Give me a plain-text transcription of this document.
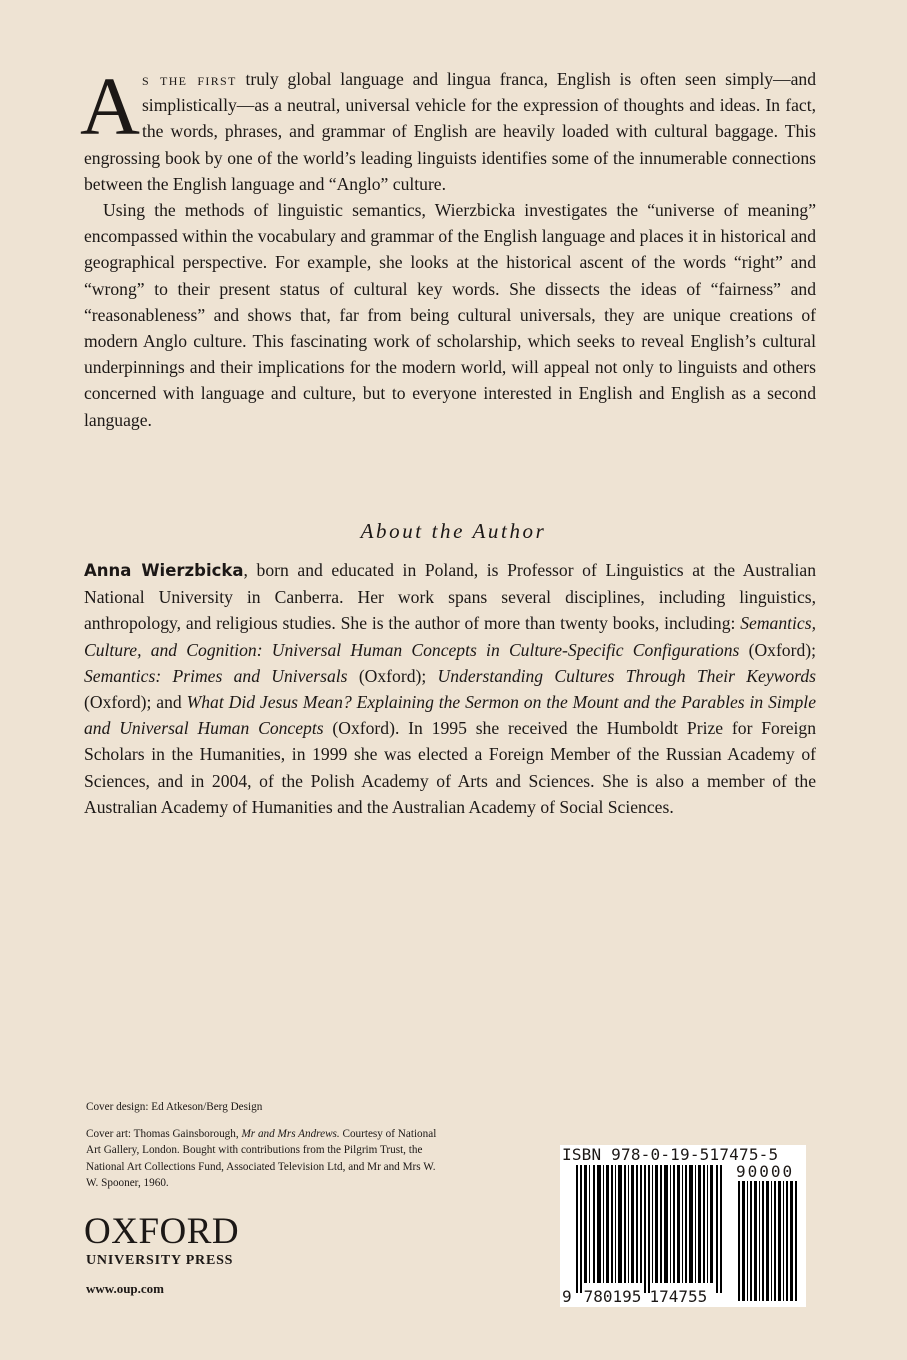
As the first truly global language and lingua franca, English is often seen simply—and simplistically—as a neutral, universal vehicle for the expression of thoughts and ideas. In fact, the words, phrases, and grammar of English are heavily loaded with cultural baggage. This engrossing book by one of the world’s leading linguists identifies some of the innumerable connections between the English language and “Anglo” culture.

Using the methods of linguistic semantics, Wierzbicka investigates the “universe of meaning” encompassed within the vocabulary and grammar of the English language and places it in historical and geographical perspective. For example, she looks at the historical ascent of the words “right” and “wrong” to their present status of cultural key words. She dissects the ideas of “fairness” and “reasonableness” and shows that, far from being cultural universals, they are unique creations of modern Anglo culture. This fascinating work of scholarship, which seeks to reveal English’s cultural underpinnings and their implications for the modern world, will appeal not only to linguists and others concerned with language and culture, but to everyone interested in English and English as a second language.

About the Author

Anna Wierzbicka, born and educated in Poland, is Professor of Linguistics at the Australian National University in Canberra. Her work spans several disciplines, including linguistics, anthropology, and religious studies. She is the author of more than twenty books, including: Semantics, Culture, and Cognition: Universal Human Concepts in Culture-Specific Configurations (Oxford); Semantics: Primes and Universals (Oxford); Understanding Cultures Through Their Keywords (Oxford); and What Did Jesus Mean? Explaining the Sermon on the Mount and the Parables in Simple and Universal Human Concepts (Oxford). In 1995 she received the Humboldt Prize for Foreign Scholars in the Humanities, in 1999 she was elected a Foreign Member of the Russian Academy of Sciences, and in 2004, of the Polish Academy of Arts and Sciences. She is also a member of the Australian Academy of Humanities and the Australian Academy of Social Sciences.

Cover design: Ed Atkeson/Berg Design

Cover art: Thomas Gainsborough, Mr and Mrs Andrews. Courtesy of National Art Gallery, London. Bought with contributions from the Pilgrim Trust, the National Art Collections Fund, Associated Television Ltd, and Mr and Mrs W. W. Spooner, 1960.

OXFORD
UNIVERSITY PRESS
www.oup.com
ISBN 978-0-19-517475-5
9 780195 174755
90000
